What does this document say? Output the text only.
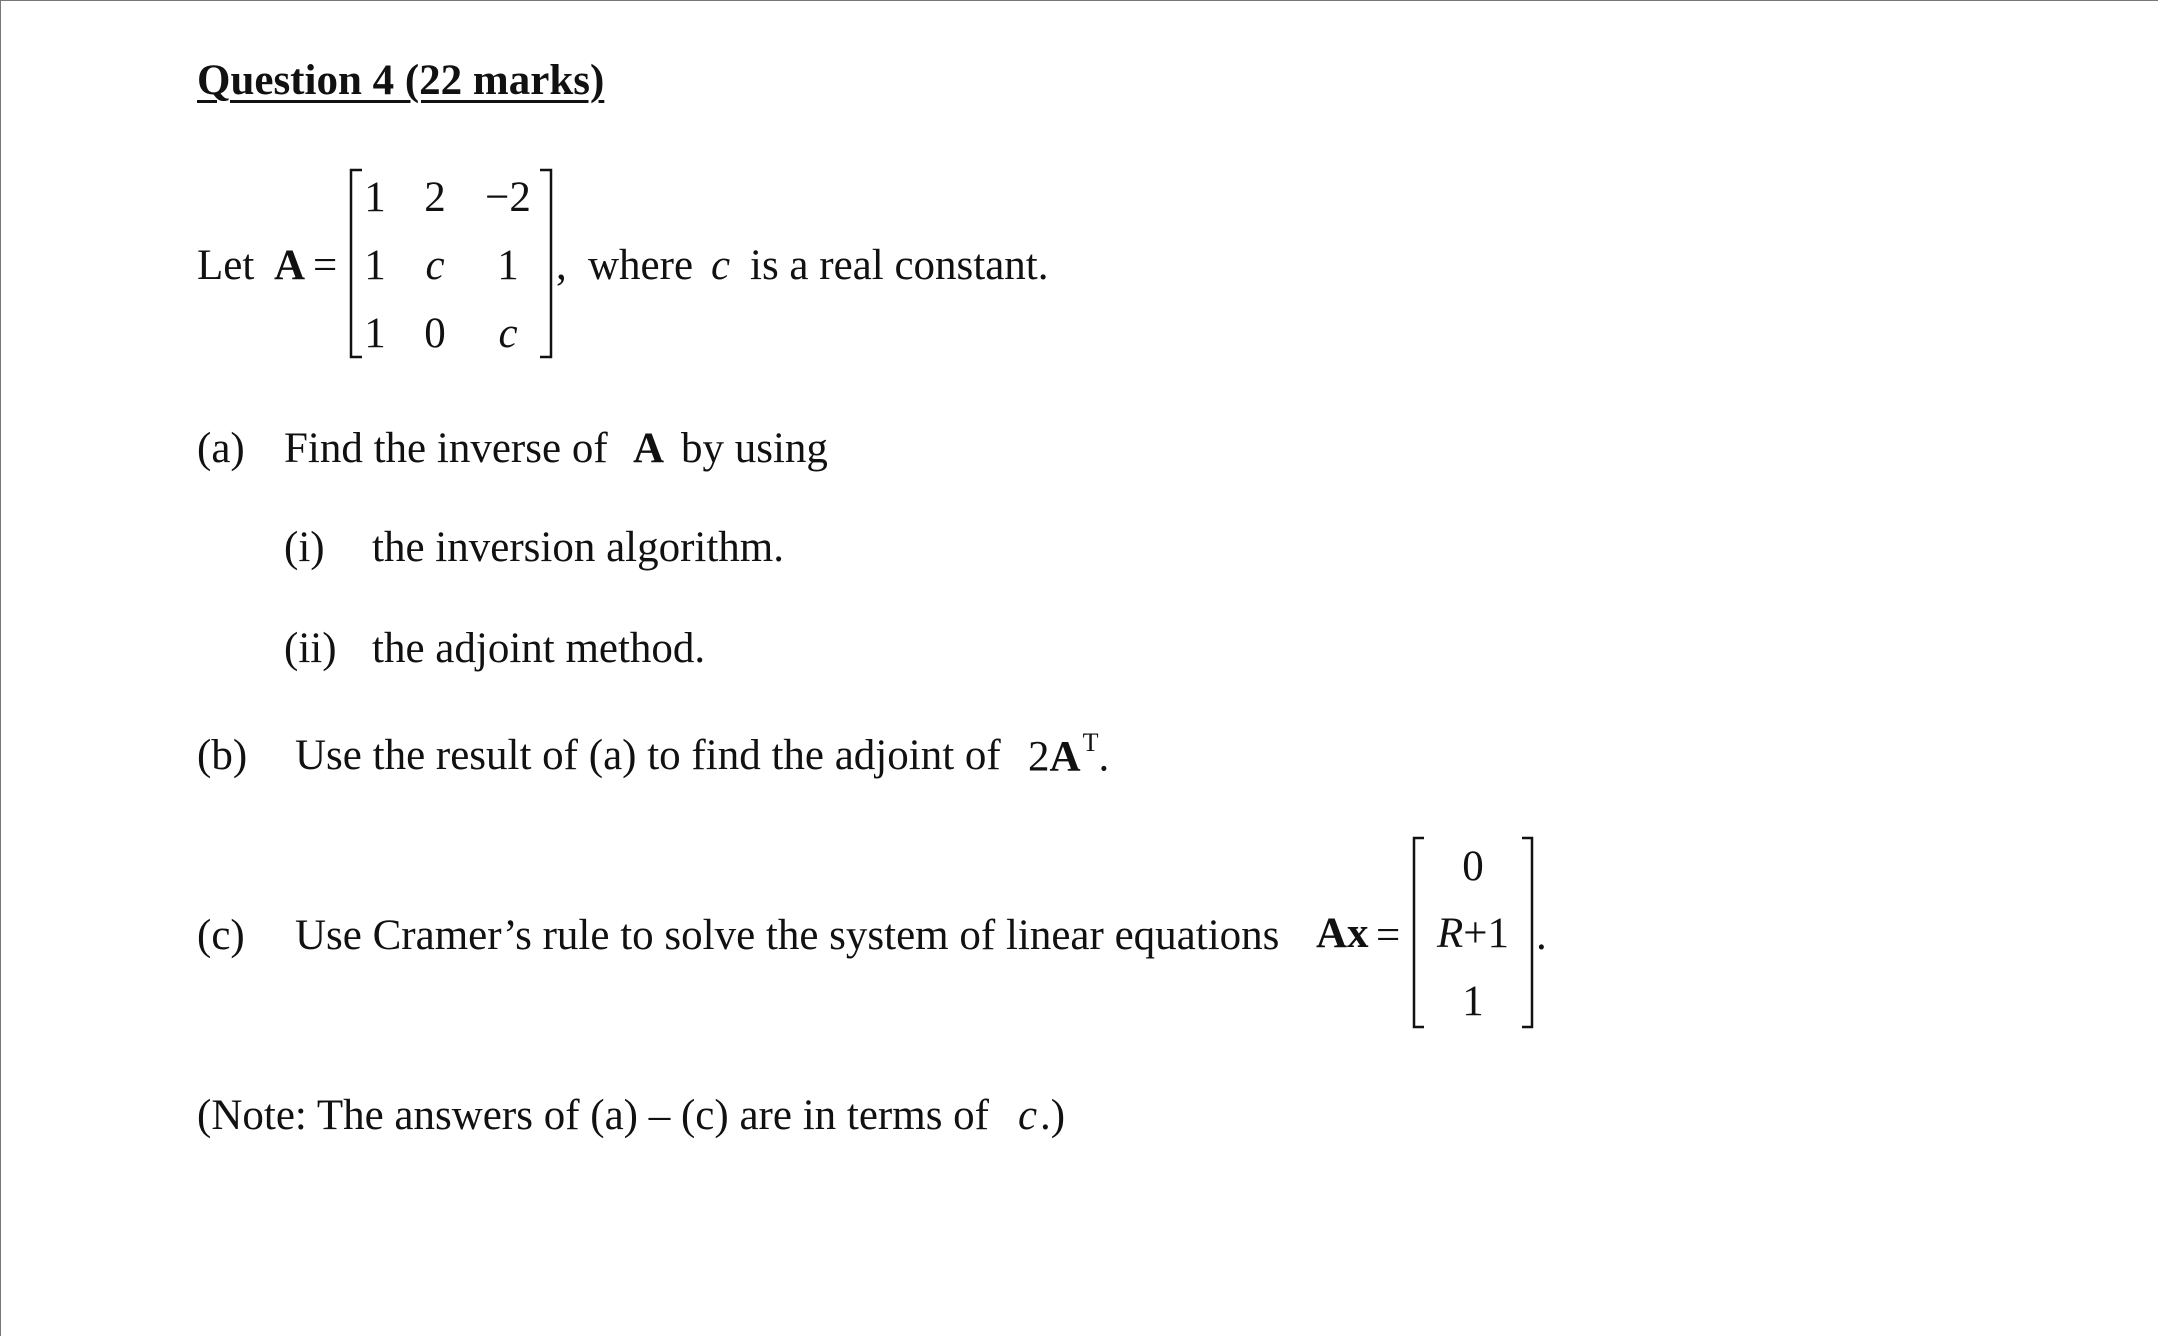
Question 4 (22 marks)
Let A =
1 2 −2
1 c	1
1 0	c
, where c is a real constant.
(a) Find the inverse of A by using
(i) the inversion algorithm.
(ii) the adjoint method.
(b) Use the result of (a) to find the adjoint of $2A^T$.
(c) Use Cramer’s rule to solve the system of linear equations Ax =
0
R+1
1
.
(Note: The answers of (a) – (c) are in terms of c .)
